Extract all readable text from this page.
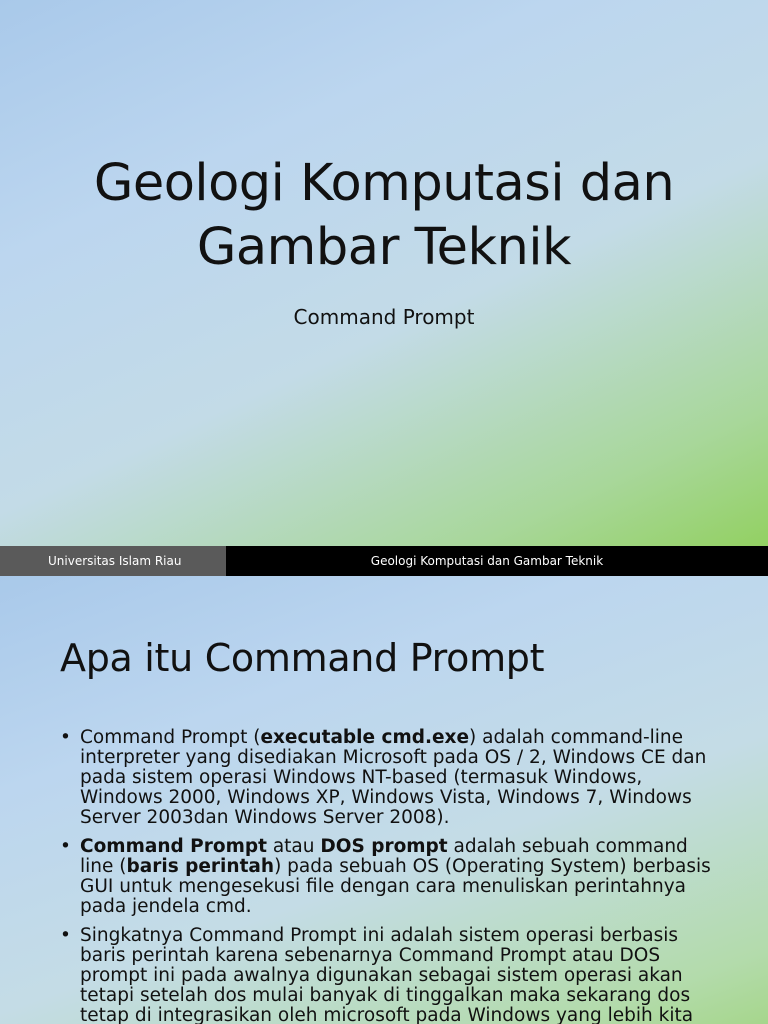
Geologi Komputasi dan
Gambar Teknik

Command Prompt

Universitas Islam Riau	Geologi Komputasi dan Gambar Teknik
Apa itu Command Prompt
• Command Prompt (executable cmd.exe) adalah command-line interpreter yang disediakan Microsoft pada OS / 2, Windows CE dan pada sistem operasi Windows NT-based (termasuk Windows, Windows 2000, Windows XP, Windows Vista, Windows 7, Windows Server 2003dan Windows Server 2008).
• Command Prompt atau DOS prompt adalah sebuah command line (baris perintah) pada sebuah OS (Operating System) berbasis GUI untuk mengesekusi file dengan cara menuliskan perintahnya pada jendela cmd.
• Singkatnya Command Prompt ini adalah sistem operasi berbasis baris perintah karena sebenarnya Command Prompt atau DOS prompt ini pada awalnya digunakan sebagai sistem operasi akan tetapi setelah dos mulai banyak di tinggalkan maka sekarang dos tetap di integrasikan oleh microsoft pada Windows yang lebih kita
